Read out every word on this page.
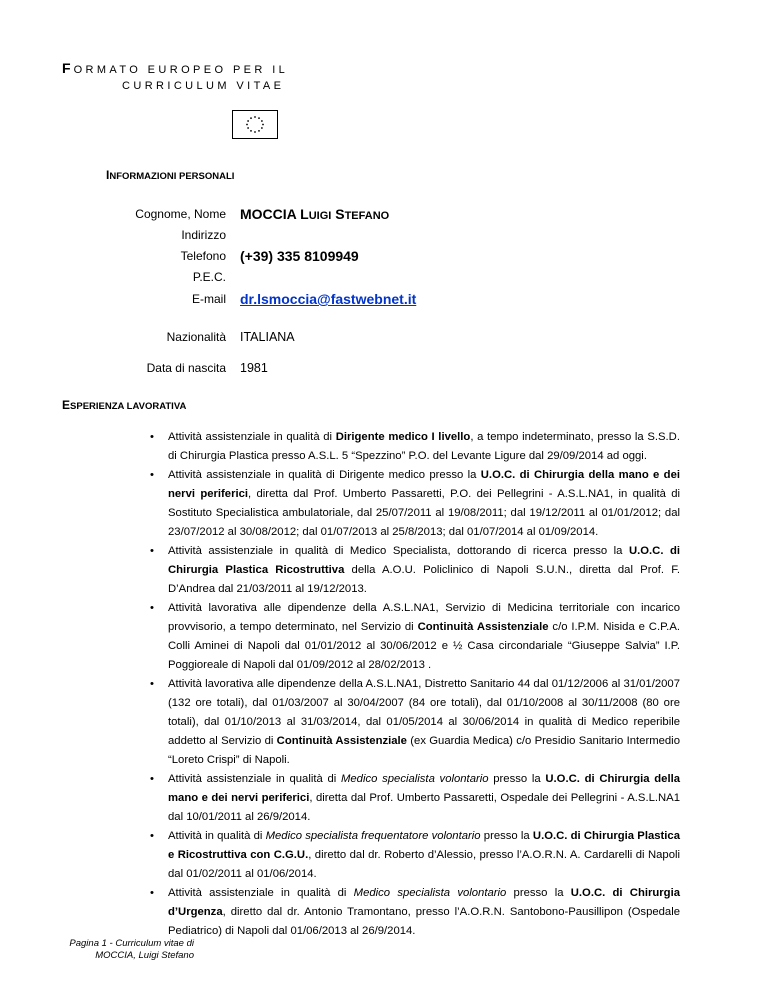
FORMATO EUROPEO PER IL
CURRICULUM VITAE
INFORMAZIONI PERSONALI
Cognome, Nome MOCCIA LUIGI STEFANO
Indirizzo
Telefono (+39) 335 8109949
P.E.C.
E-mail dr.lsmoccia@fastwebnet.it
Nazionalità ITALIANA
Data di nascita 1981
ESPERIENZA LAVORATIVA
• Attività assistenziale in qualità di Dirigente medico I livello, a tempo indeterminato, presso la S.S.D. di Chirurgia Plastica presso A.S.L. 5 “Spezzino” P.O. del Levante Ligure dal 29/09/2014 ad oggi.
• Attività assistenziale in qualità di Dirigente medico presso la U.O.C. di Chirurgia della mano e dei nervi periferici, diretta dal Prof. Umberto Passaretti, P.O. dei Pellegrini - A.S.L.NA1, in qualità di Sostituto Specialistica ambulatoriale, dal 25/07/2011 al 19/08/2011; dal 19/12/2011 al 01/01/2012; dal 23/07/2012 al 30/08/2012; dal 01/07/2013 al 25/8/2013; dal 01/07/2014 al 01/09/2014.
• Attività assistenziale in qualità di Medico Specialista, dottorando di ricerca presso la U.O.C. di Chirurgia Plastica Ricostruttiva della A.O.U. Policlinico di Napoli S.U.N., diretta dal Prof. F. D’Andrea dal 21/03/2011 al 19/12/2013.
• Attività lavorativa alle dipendenze della A.S.L.NA1, Servizio di Medicina territoriale con incarico provvisorio, a tempo determinato, nel Servizio di Continuità Assistenziale c/o I.P.M. Nisida e C.P.A. Colli Aminei di Napoli dal 01/01/2012 al 30/06/2012 e ½ Casa circondariale “Giuseppe Salvia” I.P. Poggioreale di Napoli dal 01/09/2012 al 28/02/2013 .
• Attività lavorativa alle dipendenze della A.S.L.NA1, Distretto Sanitario 44 dal 01/12/2006 al 31/01/2007 (132 ore totali), dal 01/03/2007 al 30/04/2007 (84 ore totali), dal 01/10/2008 al 30/11/2008 (80 ore totali), dal 01/10/2013 al 31/03/2014, dal 01/05/2014 al 30/06/2014 in qualità di Medico reperibile addetto al Servizio di Continuità Assistenziale (ex Guardia Medica) c/o Presidio Sanitario Intermedio “Loreto Crispi” di Napoli.
• Attività assistenziale in qualità di Medico specialista volontario presso la U.O.C. di Chirurgia della mano e dei nervi periferici, diretta dal Prof. Umberto Passaretti, Ospedale dei Pellegrini - A.S.L.NA1 dal 10/01/2011 al 26/9/2014.
• Attività in qualità di Medico specialista frequentatore volontario presso la U.O.C. di Chirurgia Plastica e Ricostruttiva con C.G.U., diretto dal dr. Roberto d’Alessio, presso l’A.O.R.N. A. Cardarelli di Napoli dal 01/02/2011 al 01/06/2014.
• Attività assistenziale in qualità di Medico specialista volontario presso la U.O.C. di Chirurgia d’Urgenza, diretto dal dr. Antonio Tramontano, presso l’A.O.R.N. Santobono-Pausillipon (Ospedale Pediatrico) di Napoli dal 01/06/2013 al 26/9/2014.
Pagina 1 - Curriculum vitae di
MOCCIA, Luigi Stefano
